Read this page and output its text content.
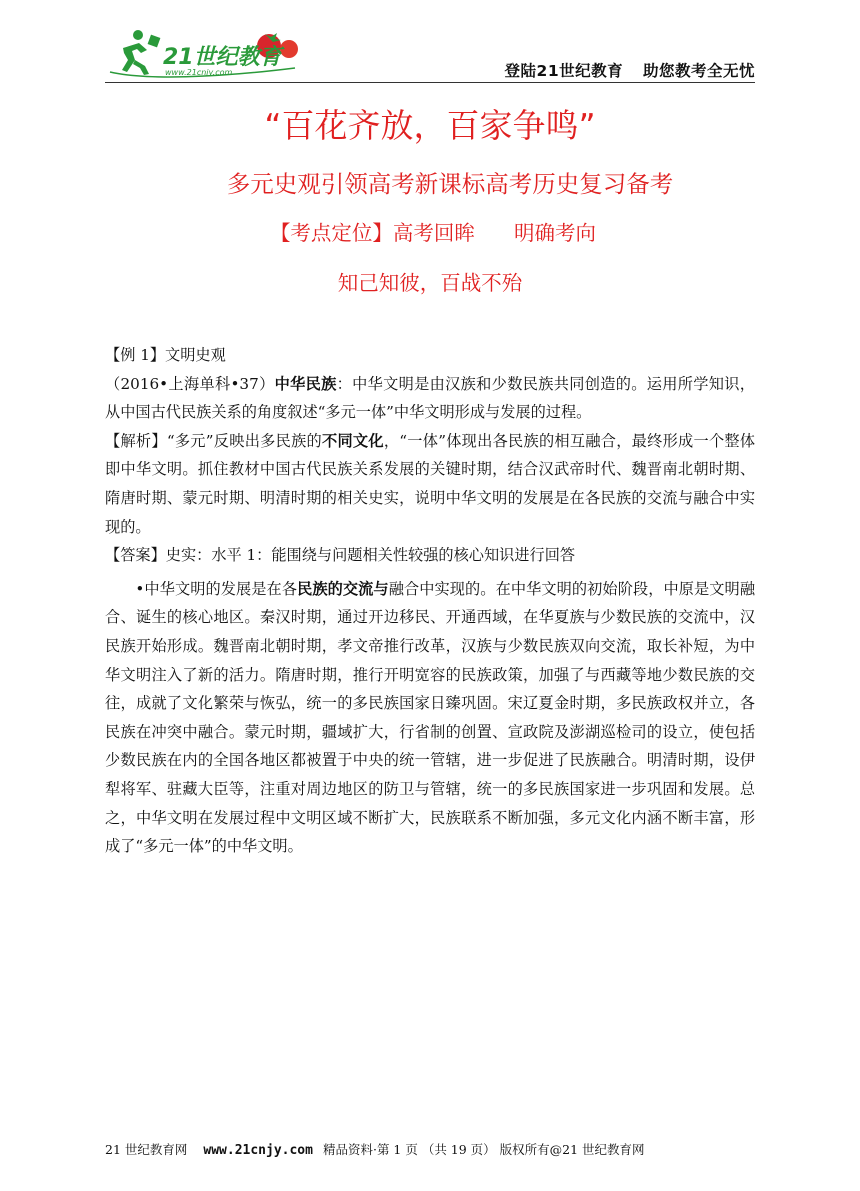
21世纪教育
www.21cnjy.com	登陆21世纪教育 助您教考全无忧
“百花齐放，百家争鸣”
多元史观引领高考新课标高考历史复习备考
【考点定位】高考回眸      明确考向
知己知彼，百战不殆

【例 1】文明史观

（2016•上海单科•37）中华民族：中华文明是由汉族和少数民族共同创造的。运用所学知识，从中国古代民族关系的角度叙述“多元一体”中华文明形成与发展的过程。

【解析】“多元”反映出多民族的不同文化，“一体”体现出各民族的相互融合，最终形成一个整体即中华文明。抓住教材中国古代民族关系发展的关键时期，结合汉武帝时代、魏晋南北朝时期、隋唐时期、蒙元时期、明清时期的相关史实，说明中华文明的发展是在各民族的交流与融合中实现的。

【答案】史实：水平 1：能围绕与问题相关性较强的核心知识进行回答

•中华文明的发展是在各民族的交流与融合中实现的。在中华文明的初始阶段，中原是文明融合、诞生的核心地区。秦汉时期，通过开边移民、开通西域，在华夏族与少数民族的交流中，汉民族开始形成。魏晋南北朝时期，孝文帝推行改革，汉族与少数民族双向交流，取长补短，为中华文明注入了新的活力。隋唐时期，推行开明宽容的民族政策，加强了与西藏等地少数民族的交往，成就了文化繁荣与恢弘，统一的多民族国家日臻巩固。宋辽夏金时期，多民族政权并立，各民族在冲突中融合。蒙元时期，疆域扩大，行省制的创置、宣政院及澎湖巡检司的设立，使包括少数民族在内的全国各地区都被置于中央的统一管辖，进一步促进了民族融合。明清时期，设伊犁将军、驻藏大臣等，注重对周边地区的防卫与管辖，统一的多民族国家进一步巩固和发展。总之，中华文明在发展过程中文明区域不断扩大，民族联系不断加强，多元文化内涵不断丰富，形成了“多元一体”的中华文明。

21 世纪教育网 www.21cnjy.com 精品资料·第 1 页 （共 19 页） 版权所有@21 世纪教育网
